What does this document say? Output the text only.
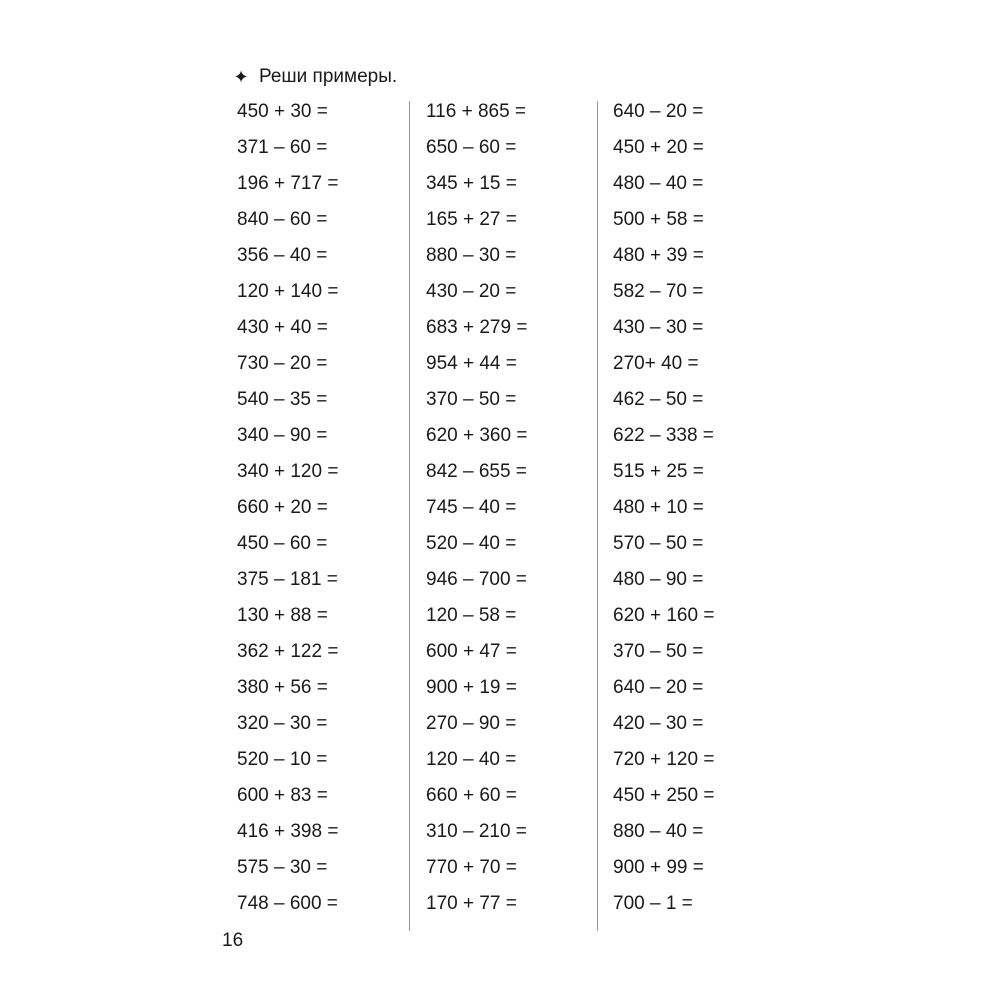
✦ Реши примеры.
450 + 30 =
371 – 60 =
196 + 717 =
840 – 60 =
356 – 40 =
120 + 140 =
430 + 40 =
730 – 20 =
540 – 35 =
340 – 90 =
340 + 120 =
660 + 20 =
450 – 60 =
375 – 181 =
130 + 88 =
362 + 122 =
380 + 56 =
320 – 30 =
520 – 10 =
600 + 83 =
416 + 398 =
575 – 30 =
748 – 600 =
116 + 865 =
650 – 60 =
345 + 15 =
165 + 27 =
880 – 30 =
430 – 20 =
683 + 279 =
954 + 44 =
370 – 50 =
620 + 360 =
842 – 655 =
745 – 40 =
520 – 40 =
946 – 700 =
120 – 58 =
600 + 47 =
900 + 19 =
270 – 90 =
120 – 40 =
660 + 60 =
310 – 210 =
770 + 70 =
170 + 77 =
640 – 20 =
450 + 20 =
480 – 40 =
500 + 58 =
480 + 39 =
582 – 70 =
430 – 30 =
270+ 40 =
462 – 50 =
622 – 338 =
515 + 25 =
480 + 10 =
570 – 50 =
480 – 90 =
620 + 160 =
370 – 50 =
640 – 20 =
420 – 30 =
720 + 120 =
450 + 250 =
880 – 40 =
900 + 99 =
700 – 1 =
16
